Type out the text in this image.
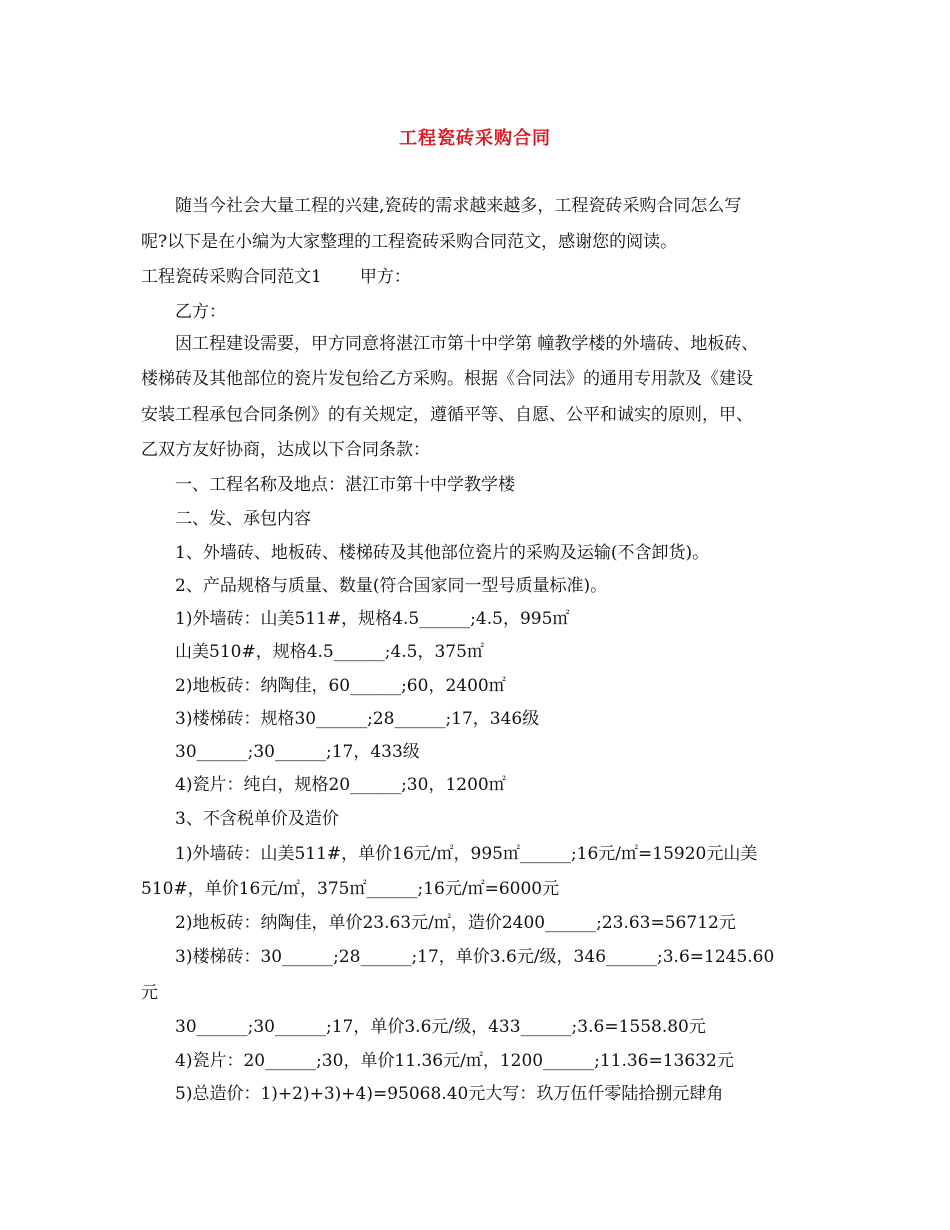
工程瓷砖采购合同
随当今社会大量工程的兴建,瓷砖的需求越来越多，工程瓷砖采购合同怎么写
呢?以下是在小编为大家整理的工程瓷砖采购合同范文，感谢您的阅读。
工程瓷砖采购合同范文1 甲方：
乙方：
因工程建设需要，甲方同意将湛江市第十中学第 幢教学楼的外墙砖、地板砖、
楼梯砖及其他部位的瓷片发包给乙方采购。根据《合同法》的通用专用款及《建设
安装工程承包合同条例》的有关规定，遵循平等、自愿、公平和诚实的原则，甲、
乙双方友好协商，达成以下合同条款：
一、工程名称及地点：湛江市第十中学教学楼
二、发、承包内容
1、外墙砖、地板砖、楼梯砖及其他部位瓷片的采购及运输(不含卸货)。
2、产品规格与质量、数量(符合国家同一型号质量标准)。
1)外墙砖：山美511#，规格4.5______;4.5，995㎡
山美510#，规格4.5______;4.5，375㎡
2)地板砖：纳陶佳，60______;60，2400㎡
3)楼梯砖：规格30______;28______;17，346级
30______;30______;17，433级
4)瓷片：纯白，规格20______;30，1200㎡
3、不含税单价及造价
1)外墙砖：山美511#，单价16元/㎡，995㎡______;16元/㎡=15920元山美
510#，单价16元/㎡，375㎡______;16元/㎡=6000元
2)地板砖：纳陶佳，单价23.63元/㎡，造价2400______;23.63=56712元
3)楼梯砖：30______;28______;17，单价3.6元/级，346______;3.6=1245.60
元
30______;30______;17，单价3.6元/级，433______;3.6=1558.80元
4)瓷片：20______;30，单价11.36元/㎡，1200______;11.36=13632元
5)总造价：1)+2)+3)+4)=95068.40元大写：玖万伍仟零陆拾捌元肆角
